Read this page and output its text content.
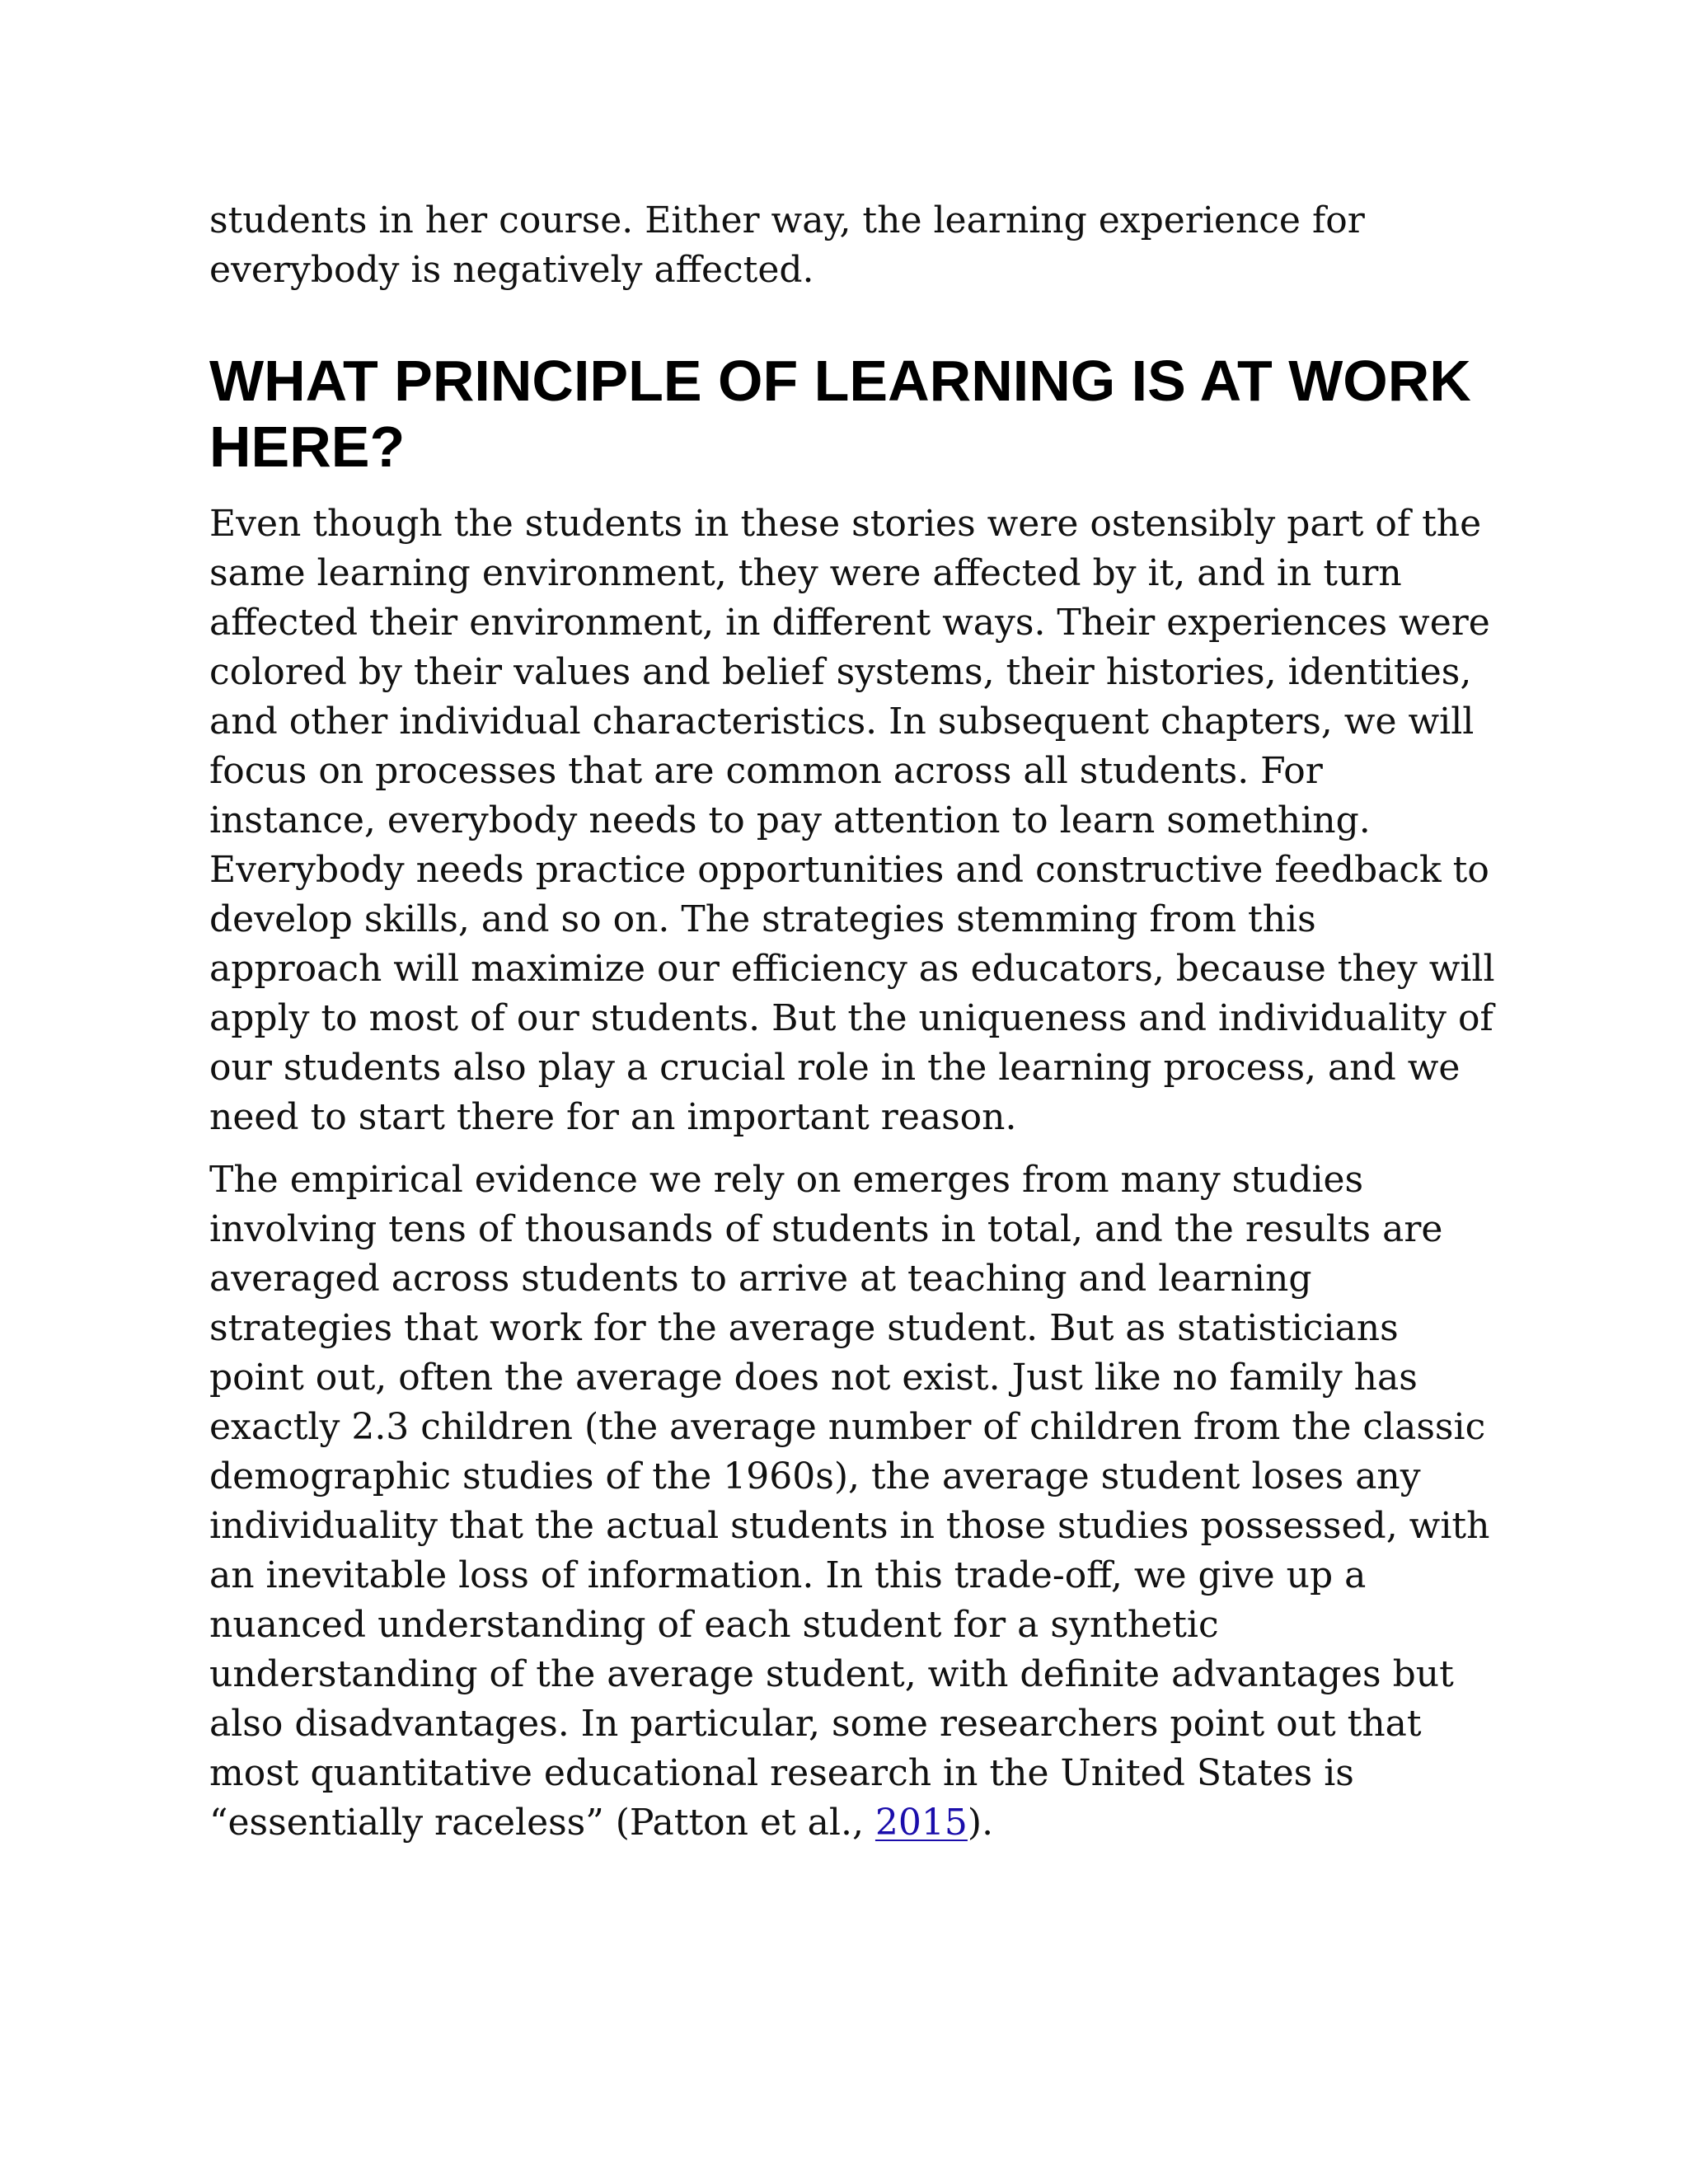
students in her course. Either way, the learning experience for everybody is negatively affected.

WHAT PRINCIPLE OF LEARNING IS AT WORK HERE?

Even though the students in these stories were ostensibly part of the same learning environment, they were affected by it, and in turn affected their environment, in different ways. Their experiences were colored by their values and belief systems, their histories, identities, and other individual characteristics. In subsequent chapters, we will focus on processes that are common across all students. For instance, everybody needs to pay attention to learn something. Everybody needs practice opportunities and constructive feedback to develop skills, and so on. The strategies stemming from this approach will maximize our efficiency as educators, because they will apply to most of our students. But the uniqueness and individuality of our students also play a crucial role in the learning process, and we need to start there for an important reason.

The empirical evidence we rely on emerges from many studies involving tens of thousands of students in total, and the results are averaged across students to arrive at teaching and learning strategies that work for the average student. But as statisticians point out, often the average does not exist. Just like no family has exactly 2.3 children (the average number of children from the classic demographic studies of the 1960s), the average student loses any individuality that the actual students in those studies possessed, with an inevitable loss of information. In this trade-off, we give up a nuanced understanding of each student for a synthetic understanding of the average student, with definite advantages but also disadvantages. In particular, some researchers point out that most quantitative educational research in the United States is “essentially raceless” (Patton et al., 2015).
